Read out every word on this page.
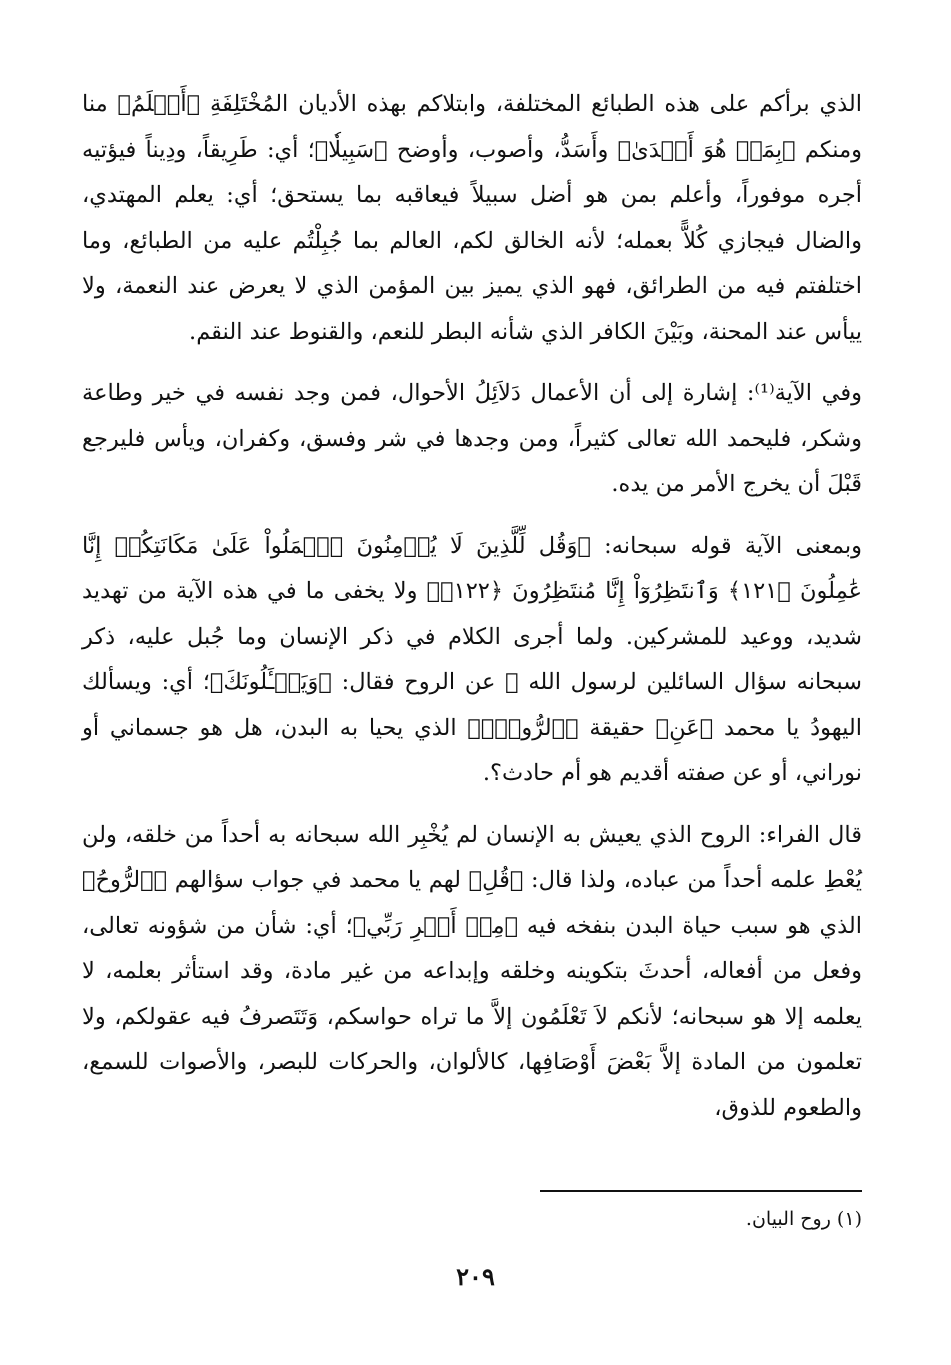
الذي برأكم على هذه الطبائع المختلفة، وابتلاكم بهذه الأديان المُخْتَلِفَةِ ﴿أَعۡلَمُ﴾ منا ومنكم ﴿بِمَنۡ هُوَ أَهۡدَىٰ﴾ وأَسَدُّ، وأصوب، وأوضح ﴿سَبِيلٗا﴾؛ أي: طَرِيقاً، ودِيناً فيؤتيه أجره موفوراً، وأعلم بمن هو أضل سبيلاً فيعاقبه بما يستحق؛ أي: يعلم المهتدي، والضال فيجازي كُلاًّ بعمله؛ لأنه الخالق لكم، العالم بما جُبِلْتُم عليه من الطبائع، وما اختلفتم فيه من الطرائق، فهو الذي يميز بين المؤمن الذي لا يعرض عند النعمة، ولا ييأس عند المحنة، وبَيْنَ الكافر الذي شأنه البطر للنعم، والقنوط عند النقم.

وفي الآية⁽¹⁾: إشارة إلى أن الأعمال دَلاَئِلُ الأحوال، فمن وجد نفسه في خير وطاعة وشكر، فليحمد الله تعالى كثيراً، ومن وجدها في شر وفسق، وكفران، ويأس فليرجع قَبْلَ أن يخرج الأمر من يده.

وبمعنى الآية قوله سبحانه: ﴿وَقُل لِّلَّذِينَ لَا يُؤۡمِنُونَ ٱعۡمَلُواْ عَلَىٰ مَكَانَتِكُمۡ إِنَّا عَٰمِلُونَ ﴿١٢١﴾ وَٱنتَظِرُوٓاْ إِنَّا مُنتَظِرُونَ ﴿١٢٢﴾﴾ ولا يخفى ما في هذه الآية من تهديد شديد، ووعيد للمشركين. ولما أجرى الكلام في ذكر الإنسان وما جُبل عليه، ذكر سبحانه سؤال السائلين لرسول الله ﷺ عن الروح فقال: ﴿وَيَسۡـَٔلُونَكَ﴾؛ أي: ويسألك اليهودُ يا محمد ﴿عَنِ﴾ حقيقة ﴿ٱلرُّوحِۖ﴾ الذي يحيا به البدن، هل هو جسماني أو نوراني، أو عن صفته أقديم هو أم حادث؟.

قال الفراء: الروح الذي يعيش به الإنسان لم يُخْبِر الله سبحانه به أحداً من خلقه، ولن يُعْطِ علمه أحداً من عباده، ولذا قال: ﴿قُلِ﴾ لهم يا محمد في جواب سؤالهم ﴿ٱلرُّوحُ﴾ الذي هو سبب حياة البدن بنفخه فيه ﴿مِنۡ أَمۡرِ رَبِّي﴾؛ أي: شأن من شؤونه تعالى، وفعل من أفعاله، أحدثَ بتكوينه وخلقه وإبداعه من غير مادة، وقد استأثر بعلمه، لا يعلمه إلا هو سبحانه؛ لأنكم لاَ تَعْلَمُون إلاَّ ما تراه حواسكم، وَتَتَصرفُ فيه عقولكم، ولا تعلمون من المادة إلاَّ بَعْضَ أَوْصَافِها، كالألوان، والحركات للبصر، والأصوات للسمع، والطعوم للذوق،

(١) روح البيان.
٢٠٩
